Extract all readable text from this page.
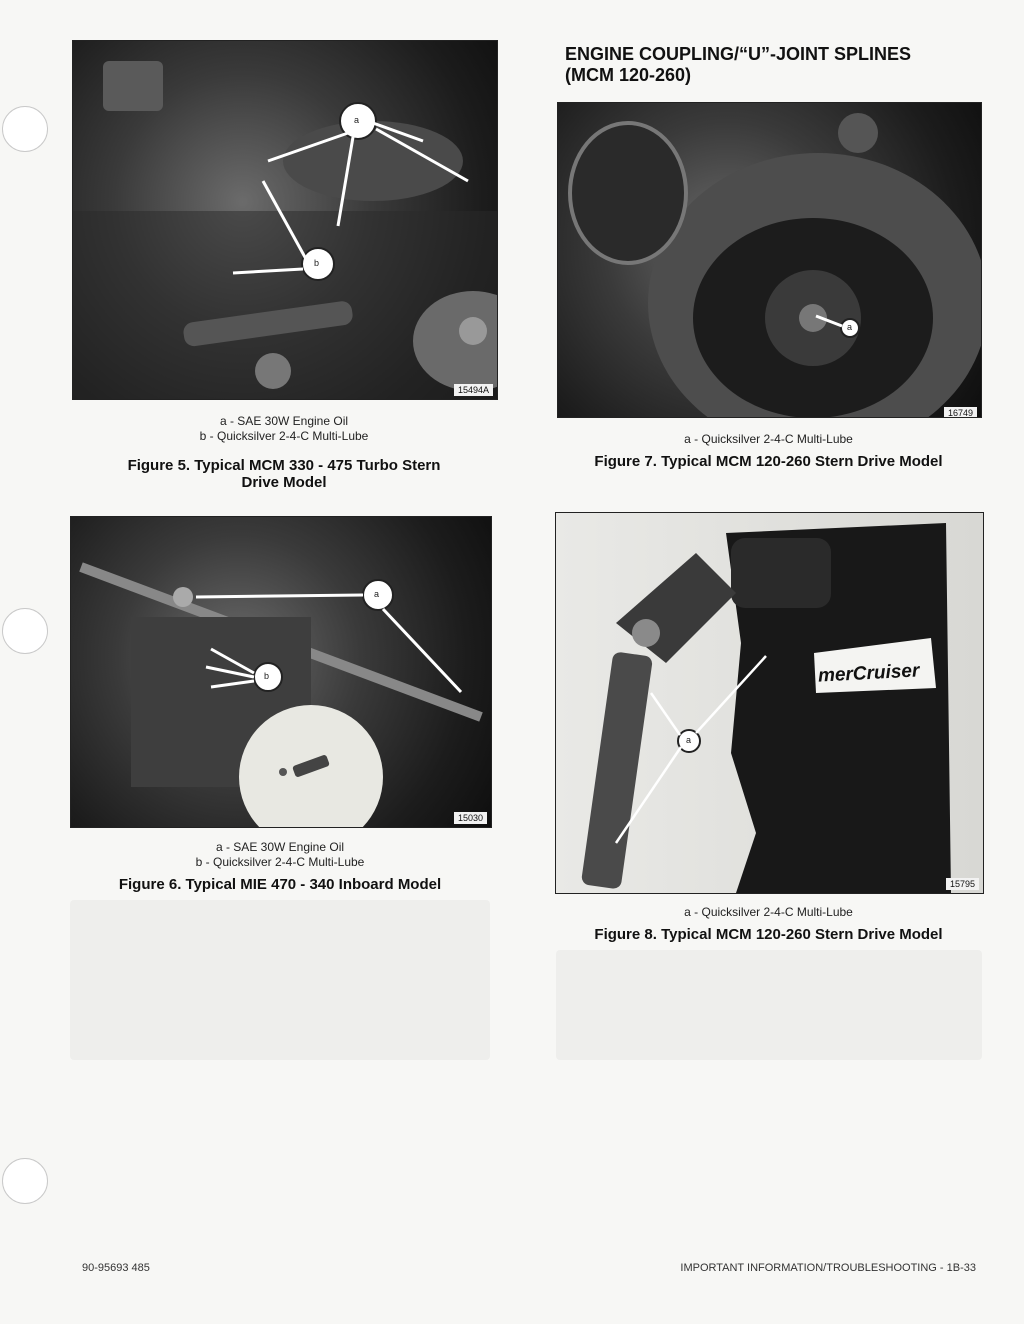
ENGINE COUPLING/“U”-JOINT SPLINES
(MCM 120-260)
a
b
15494A
a - SAE 30W Engine Oil
b - Quicksilver 2-4-C Multi-Lube
Figure 5. Typical MCM 330 - 475 Turbo Stern
Drive Model
a
b
15030
a - SAE 30W Engine Oil
b - Quicksilver 2-4-C Multi-Lube
Figure 6. Typical MIE 470 - 340 Inboard Model
a
16749
a - Quicksilver 2-4-C Multi-Lube
Figure 7. Typical MCM 120-260 Stern Drive Model
merCruiser
a
15795
a - Quicksilver 2-4-C Multi-Lube
Figure 8. Typical MCM 120-260 Stern Drive Model
90-95693 485	IMPORTANT INFORMATION/TROUBLESHOOTING - 1B-33
